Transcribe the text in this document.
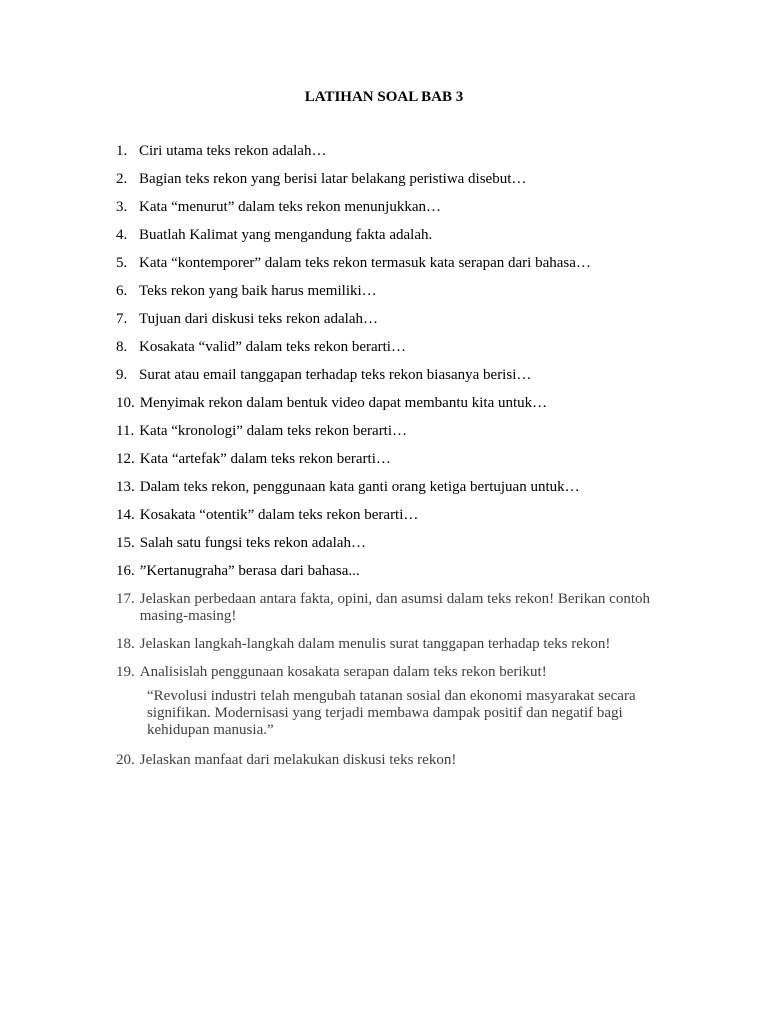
LATIHAN SOAL BAB 3
1. Ciri utama teks rekon adalah…
2. Bagian teks rekon yang berisi latar belakang peristiwa disebut…
3. Kata “menurut” dalam teks rekon menunjukkan…
4. Buatlah Kalimat yang mengandung fakta adalah.
5. Kata “kontemporer” dalam teks rekon termasuk kata serapan dari bahasa…
6. Teks rekon yang baik harus memiliki…
7. Tujuan dari diskusi teks rekon adalah…
8. Kosakata “valid” dalam teks rekon berarti…
9. Surat atau email tanggapan terhadap teks rekon biasanya berisi…
10. Menyimak rekon dalam bentuk video dapat membantu kita untuk…
11. Kata “kronologi” dalam teks rekon berarti…
12. Kata “artefak” dalam teks rekon berarti…
13. Dalam teks rekon, penggunaan kata ganti orang ketiga bertujuan untuk…
14. Kosakata “otentik” dalam teks rekon berarti…
15. Salah satu fungsi teks rekon adalah…
16. ”Kertanugraha” berasa dari bahasa...
17. Jelaskan perbedaan antara fakta, opini, dan asumsi dalam teks rekon! Berikan contoh masing-masing!
18. Jelaskan langkah-langkah dalam menulis surat tanggapan terhadap teks rekon!
19. Analisislah penggunaan kosakata serapan dalam teks rekon berikut!
“Revolusi industri telah mengubah tatanan sosial dan ekonomi masyarakat secara signifikan. Modernisasi yang terjadi membawa dampak positif dan negatif bagi kehidupan manusia.”
20. Jelaskan manfaat dari melakukan diskusi teks rekon!
